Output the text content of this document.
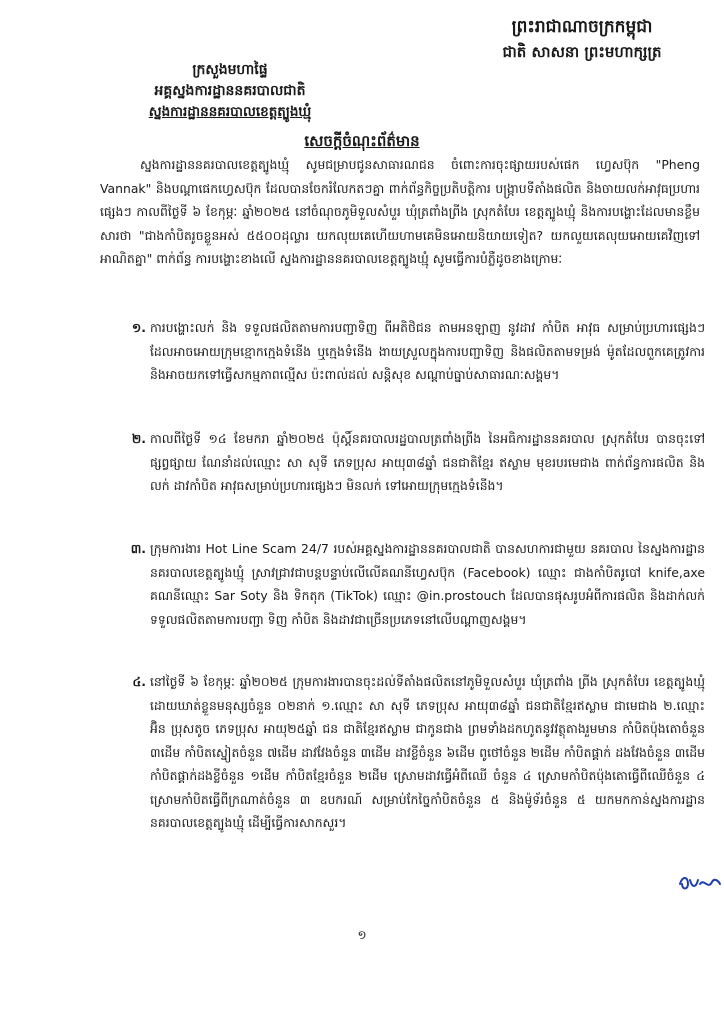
ព្រះរាជាណាចក្រកម្ពុជា
ជាតិ សាសនា ព្រះមហាក្សត្រ
ក្រសួងមហាផ្ទៃ
អគ្គស្នងការដ្ឋាននគរបាលជាតិ
ស្នងការដ្ឋាននគរបាលខេត្តត្បូងឃ្មុំ
សេចក្តីចំណុះព័ត៌មាន

ស្នងការដ្ឋាននគរបាលខេត្តត្បូងឃ្មុំ សូមជម្រាបជូនសាធារណជន ចំពោះការចុះផ្សាយរបស់ផេក ហ្វេសប៊ុក "Pheng Vannak" និងបណ្តាផេកហ្វេសប៊ុក ដែលបានចែករំលែកតៗគ្នា ពាក់ព័ន្ធកិច្ចប្រតិបត្តិការ បង្ក្រាបទីតាំងផលិត និងចាយលក់អាវុធប្រហារផ្សេងៗ កាលពីថ្ងៃទី ៦ ខែកុម្ភៈ ឆ្នាំ២០២៥ នៅចំណុចភូមិទួលសំបួរ ឃុំត្រពាំងព្រីង ស្រុកតំបែរ ខេត្តត្បូងឃ្មុំ និងការបង្ហោះដែលមានខ្លឹមសារថា "ជាងកាំបិតរូចខ្លួនអស់ ៥៥០០ដុល្លារ យកលុយគេហើយហាមគេមិនអោយនិយាយទៀត? យកលួយគេលុយអោយគេវិញទៅអាណិតគ្នា" ពាក់ព័ន្ធ ការបង្ហោះខាងលើ ស្នងការដ្ឋាននគរបាលខេត្តត្បូងឃ្មុំ សូមធ្វើការបំភ្លឺដូចខាងក្រោមៈ

១. ការបង្ហោះលក់ និង ទទួលផលិតតាមការបញ្ជាទិញ ពីអតិថិជន តាមអនឡាញ នូវដាវ កាំបិត អាវុធ សម្រាប់ប្រហារផ្សេងៗ ដែលអាចអោយក្រុមខ្មោកក្មេងទំនើង ឬក្មេងទំនើង ងាយស្រួលក្នុងការបញ្ជាទិញ និងផលិតតាមទម្រង់ ម៉ូតដែលពួកគេត្រូវការ និងអាចយកទៅធ្វើសកម្មភាពល្មើស ប៉ះពាល់ដល់ សន្តិសុខ សណ្តាប់ធ្នាប់សាធារណៈសង្គម។

២. កាលពីថ្ងៃទី ១៤ ខែមករា ឆ្នាំ២០២៥ ប៉ុស្តិ៍នគរបាលរដ្ឋបាលត្រពាំងព្រីង នៃអធិការដ្ឋាននគរបាល ស្រុកតំបែរ បានចុះទៅផ្សព្វផ្សាយ ណែនាំដល់ឈ្មោះ សា សុទី ភេទប្រុស អាយុ៣៨ឆ្នាំ ជនជាតិខ្មែរ ឥស្លាម មុខរបរមេជាង ពាក់ព័ន្ធការផលិត និងលក់ ដាវកាំបិត អាវុធសម្រាប់ប្រហារផ្សេងៗ មិនលក់ ទៅអោយក្រុមក្មេងទំនើង។

៣. ក្រុមការងារ Hot Line Scam 24/7 របស់អគ្គស្នងការដ្ឋាននគរបាលជាតិ បានសហការជាមួយ នគរបាល នៃស្នងការដ្ឋាននគរបាលខេត្តត្បូងឃ្មុំ ស្រាវជ្រាវជាបន្តបន្ទាប់លើលើគណនីហ្វេសប៊ុក (Facebook) ឈ្មោះ ជាងកាំបិតរូបៅ knife,axe គណនីឈ្មោះ Sar Soty និង ទិកតុក (TikTok) ឈ្មោះ @in.prostouch ដែលបានផុសរូបអំពីការផលិត និងដាក់លក់ ទទួលផលិតតាមការបញ្ជា ទិញ កាំបិត និងដាវជាច្រើនប្រភេទនៅលើបណ្តាញសង្គម។

៤. នៅថ្ងៃទី ៦ ខែកុម្ភៈ ឆ្នាំ២០២៥ ក្រុមការងារបានចុះដល់ទីតាំងផលិតនៅភូមិទួលសំបួរ ឃុំត្រពាំង ព្រីង ស្រុកតំបែរ ខេត្តត្បូងឃ្មុំ ដោយឃាត់ខ្លួនមនុស្សចំនួន ០២នាក់ ១.ឈ្មោះ សា សុទី ភេទប្រុស អាយុ៣៨ឆ្នាំ ជនជាតិខ្មែរឥស្លាម ជាមេជាង ២.ឈ្មោះ អ៊ិន ប្រុសតូច ភេទប្រុស អាយុ២៥ឆ្នាំ ជន ជាតិខ្មែរឥស្លាម ជាកូនជាង ព្រមទាំងដកហូតនូវវត្ថុតាងរួមមាន កាំបិតប៉ុងតោចំនួន ៣ដើម កាំបិតស្នៀតចំនួន ៧ដើម ដាវវែងចំនួន ៣ដើម ដាវខ្លីចំនួន ៦ដើម ពូថៅចំនួន ២ដើម កាំបិតផ្គាក់ ដងវែងចំនួន ៣ដើម កាំបិតផ្គាក់ដងខ្លីចំនួន ១ដើម កាំបិតខ្មែរចំនួន ២ដើម ស្រោមដាវធ្វើអំពីឈើ ចំនួន ៤ ស្រោមកាំបិតប៉ុងតោធ្វើពីឈើចំនួន ៤ ស្រោមកាំបិតធ្វើពីក្រណាត់ចំនួន ៣ ឧបករណ៍ សម្រាប់កែច្នៃកាំបិតចំនួន ៥ និងម៉ូទ័រចំនួន ៥ យកមកកាន់ស្នងការដ្ឋាននគរបាលខេត្តត្បូងឃ្មុំ ដើម្បីធ្វើការសាកសួរ។

១
